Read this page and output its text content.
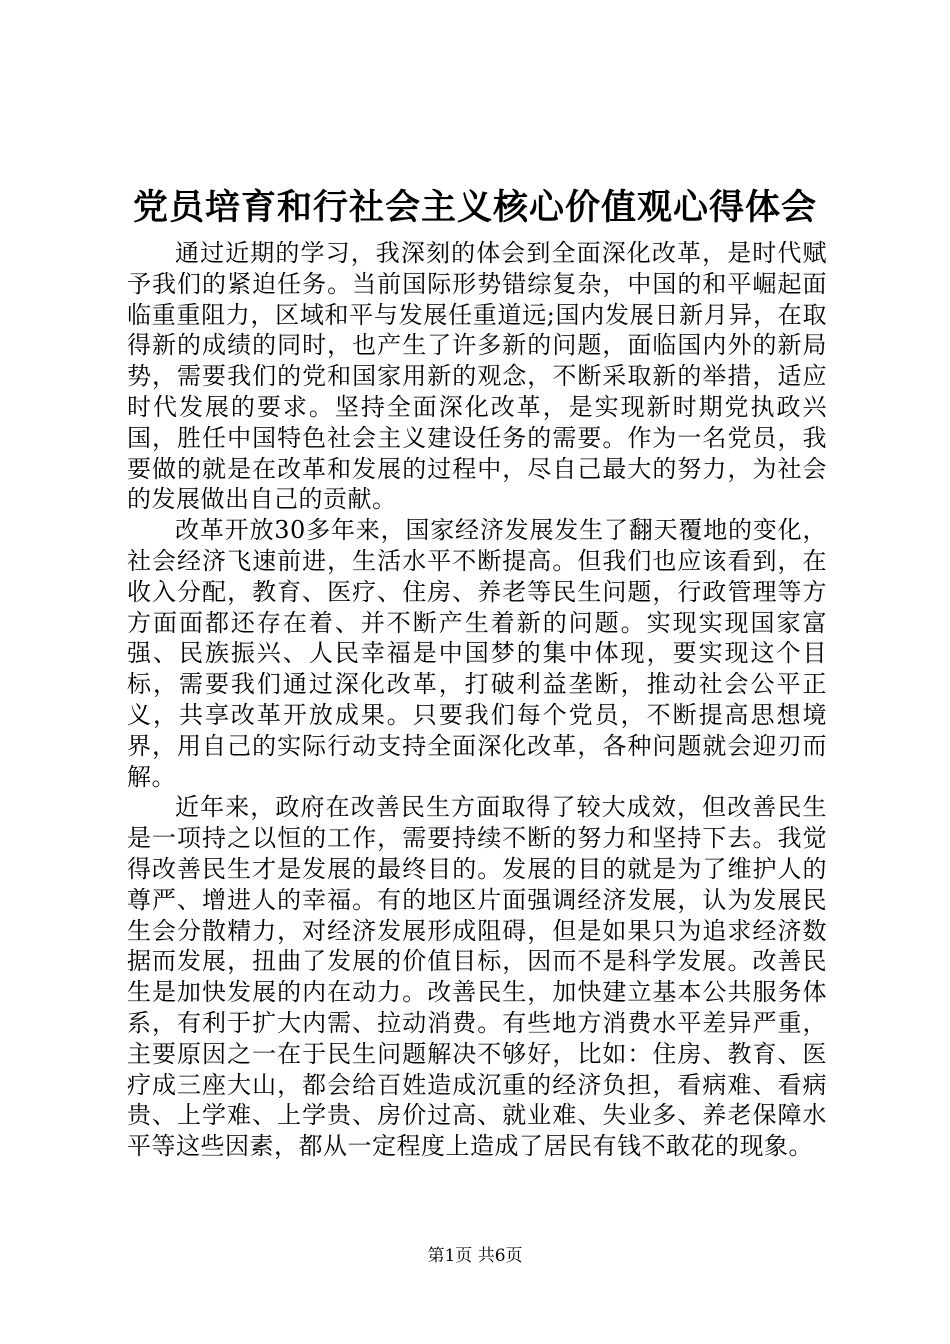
党员培育和行社会主义核心价值观心得体会

通过近期的学习，我深刻的体会到全面深化改革，是时代赋予我们的紧迫任务。当前国际形势错综复杂，中国的和平崛起面临重重阻力，区域和平与发展任重道远;国内发展日新月异，在取得新的成绩的同时，也产生了许多新的问题，面临国内外的新局势，需要我们的党和国家用新的观念，不断采取新的举措，适应时代发展的要求。坚持全面深化改革，是实现新时期党执政兴国，胜任中国特色社会主义建设任务的需要。作为一名党员，我要做的就是在改革和发展的过程中，尽自己最大的努力，为社会的发展做出自己的贡献。

改革开放30多年来，国家经济发展发生了翻天覆地的变化，社会经济飞速前进，生活水平不断提高。但我们也应该看到，在收入分配，教育、医疗、住房、养老等民生问题，行政管理等方方面面都还存在着、并不断产生着新的问题。实现实现国家富强、民族振兴、人民幸福是中国梦的集中体现，要实现这个目标，需要我们通过深化改革，打破利益垄断，推动社会公平正义，共享改革开放成果。只要我们每个党员，不断提高思想境界，用自己的实际行动支持全面深化改革，各种问题就会迎刃而解。

近年来，政府在改善民生方面取得了较大成效，但改善民生是一项持之以恒的工作，需要持续不断的努力和坚持下去。我觉得改善民生才是发展的最终目的。发展的目的就是为了维护人的尊严、增进人的幸福。有的地区片面强调经济发展，认为发展民生会分散精力，对经济发展形成阻碍，但是如果只为追求经济数据而发展，扭曲了发展的价值目标，因而不是科学发展。改善民生是加快发展的内在动力。改善民生，加快建立基本公共服务体系，有利于扩大内需、拉动消费。有些地方消费水平差异严重，主要原因之一在于民生问题解决不够好，比如：住房、教育、医疗成三座大山，都会给百姓造成沉重的经济负担，看病难、看病贵、上学难、上学贵、房价过高、就业难、失业多、养老保障水平等这些因素，都从一定程度上造成了居民有钱不敢花的现象。

第1页 共6页
